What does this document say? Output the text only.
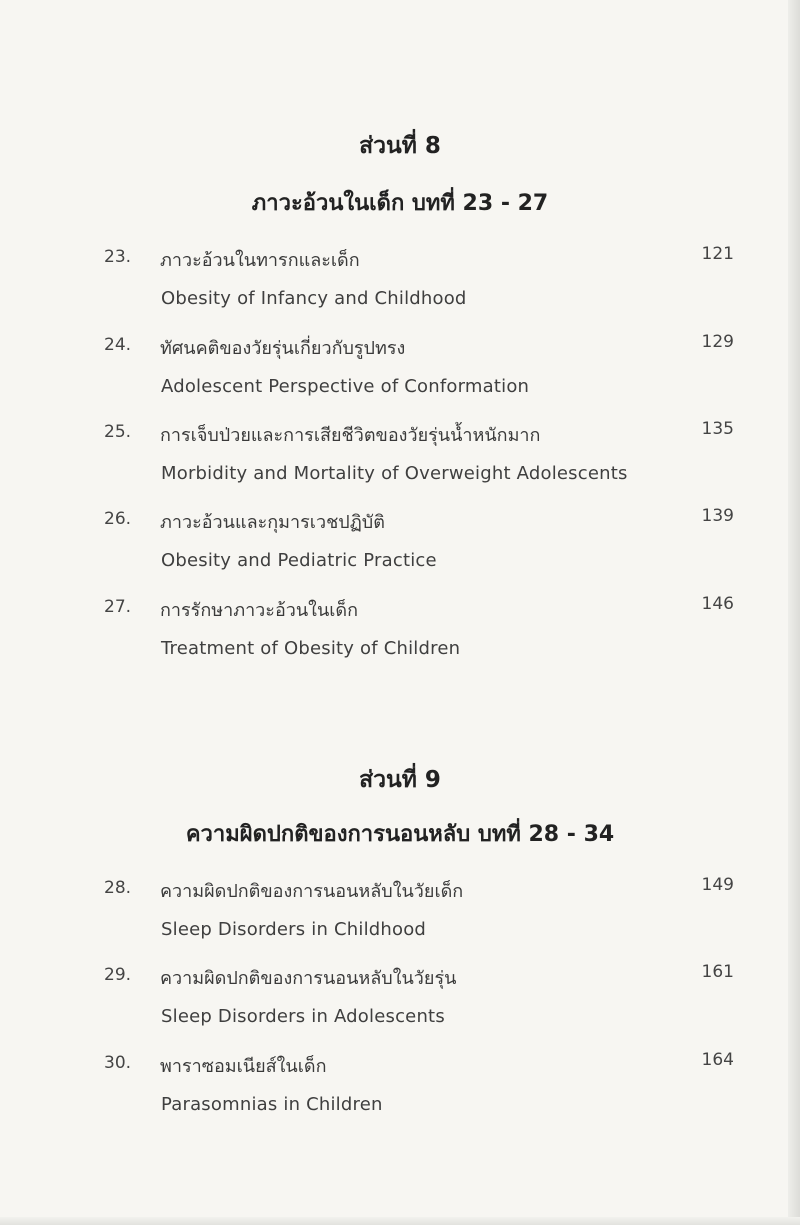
ส่วนที่ 8
ภาวะอ้วนในเด็ก บทที่ 23 - 27
23. ภาวะอ้วนในทารกและเด็ก	121
Obesity of Infancy and Childhood
24. ทัศนคติของวัยรุ่นเกี่ยวกับรูปทรง	129
Adolescent Perspective of Conformation
25. การเจ็บป่วยและการเสียชีวิตของวัยรุ่นน้ำหนักมาก	135
Morbidity and Mortality of Overweight Adolescents
26. ภาวะอ้วนและกุมารเวชปฏิบัติ	139
Obesity and Pediatric Practice
27. การรักษาภาวะอ้วนในเด็ก	146
Treatment of Obesity of Children
ส่วนที่ 9
ความผิดปกติของการนอนหลับ บทที่ 28 - 34
28. ความผิดปกติของการนอนหลับในวัยเด็ก	149
Sleep Disorders in Childhood
29. ความผิดปกติของการนอนหลับในวัยรุ่น	161
Sleep Disorders in Adolescents
30. พาราซอมเนียส์ในเด็ก	164
Parasomnias in Children
